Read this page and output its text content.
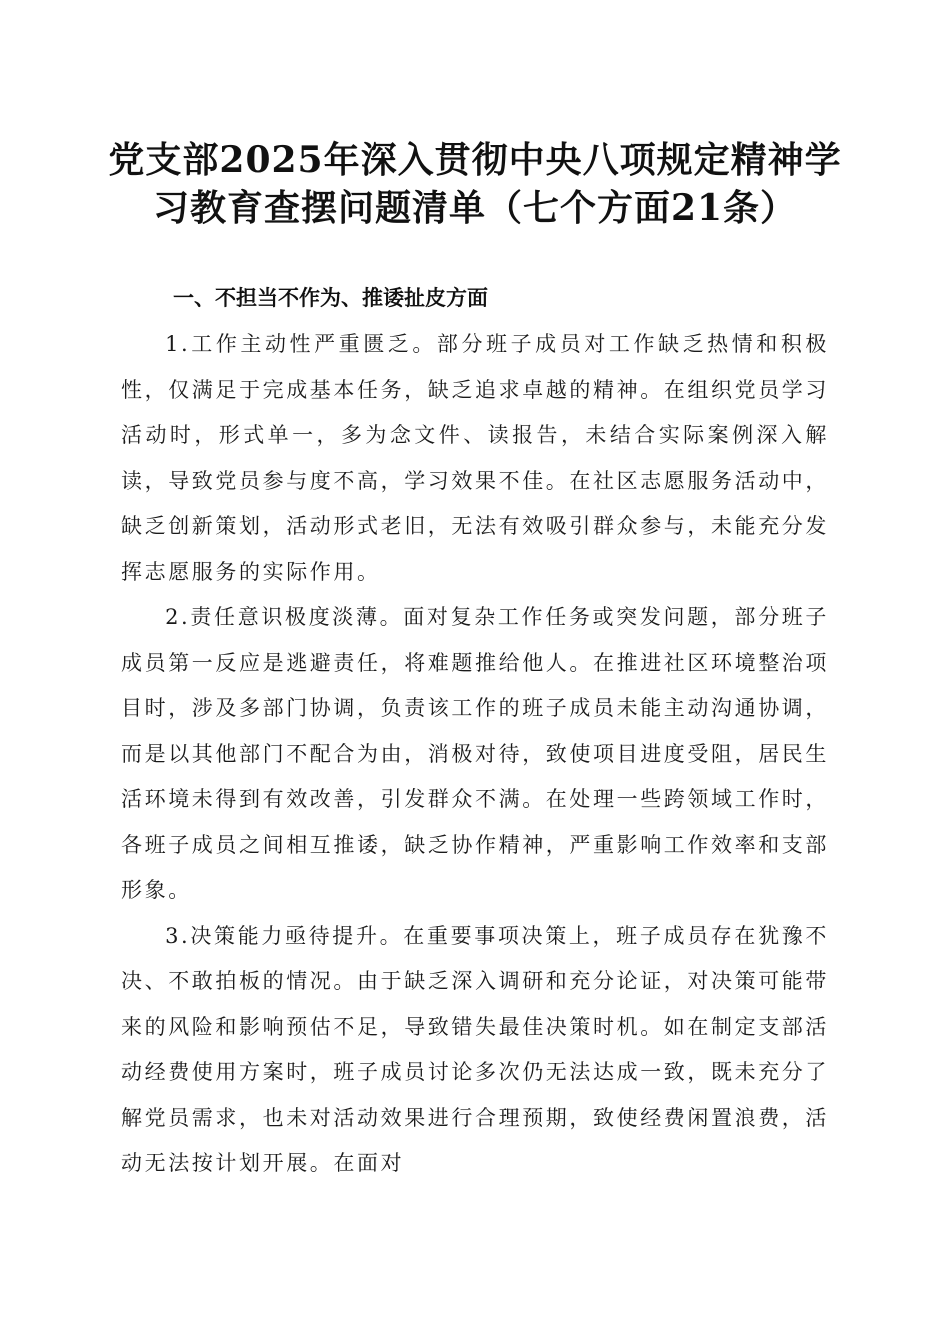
党支部2025年深入贯彻中央八项规定精神学习教育查摆问题清单（七个方面21条）
一、不担当不作为、推诿扯皮方面

1.工作主动性严重匮乏。部分班子成员对工作缺乏热情和积极性，仅满足于完成基本任务，缺乏追求卓越的精神。在组织党员学习活动时，形式单一，多为念文件、读报告，未结合实际案例深入解读，导致党员参与度不高，学习效果不佳。在社区志愿服务活动中，缺乏创新策划，活动形式老旧，无法有效吸引群众参与，未能充分发挥志愿服务的实际作用。

2.责任意识极度淡薄。面对复杂工作任务或突发问题，部分班子成员第一反应是逃避责任，将难题推给他人。在推进社区环境整治项目时，涉及多部门协调，负责该工作的班子成员未能主动沟通协调，而是以其他部门不配合为由，消极对待，致使项目进度受阻，居民生活环境未得到有效改善，引发群众不满。在处理一些跨领域工作时，各班子成员之间相互推诿，缺乏协作精神，严重影响工作效率和支部形象。

3.决策能力亟待提升。在重要事项决策上，班子成员存在犹豫不决、不敢拍板的情况。由于缺乏深入调研和充分论证，对决策可能带来的风险和影响预估不足，导致错失最佳决策时机。如在制定支部活动经费使用方案时，班子成员讨论多次仍无法达成一致，既未充分了解党员需求，也未对活动效果进行合理预期，致使经费闲置浪费，活动无法按计划开展。在面对
